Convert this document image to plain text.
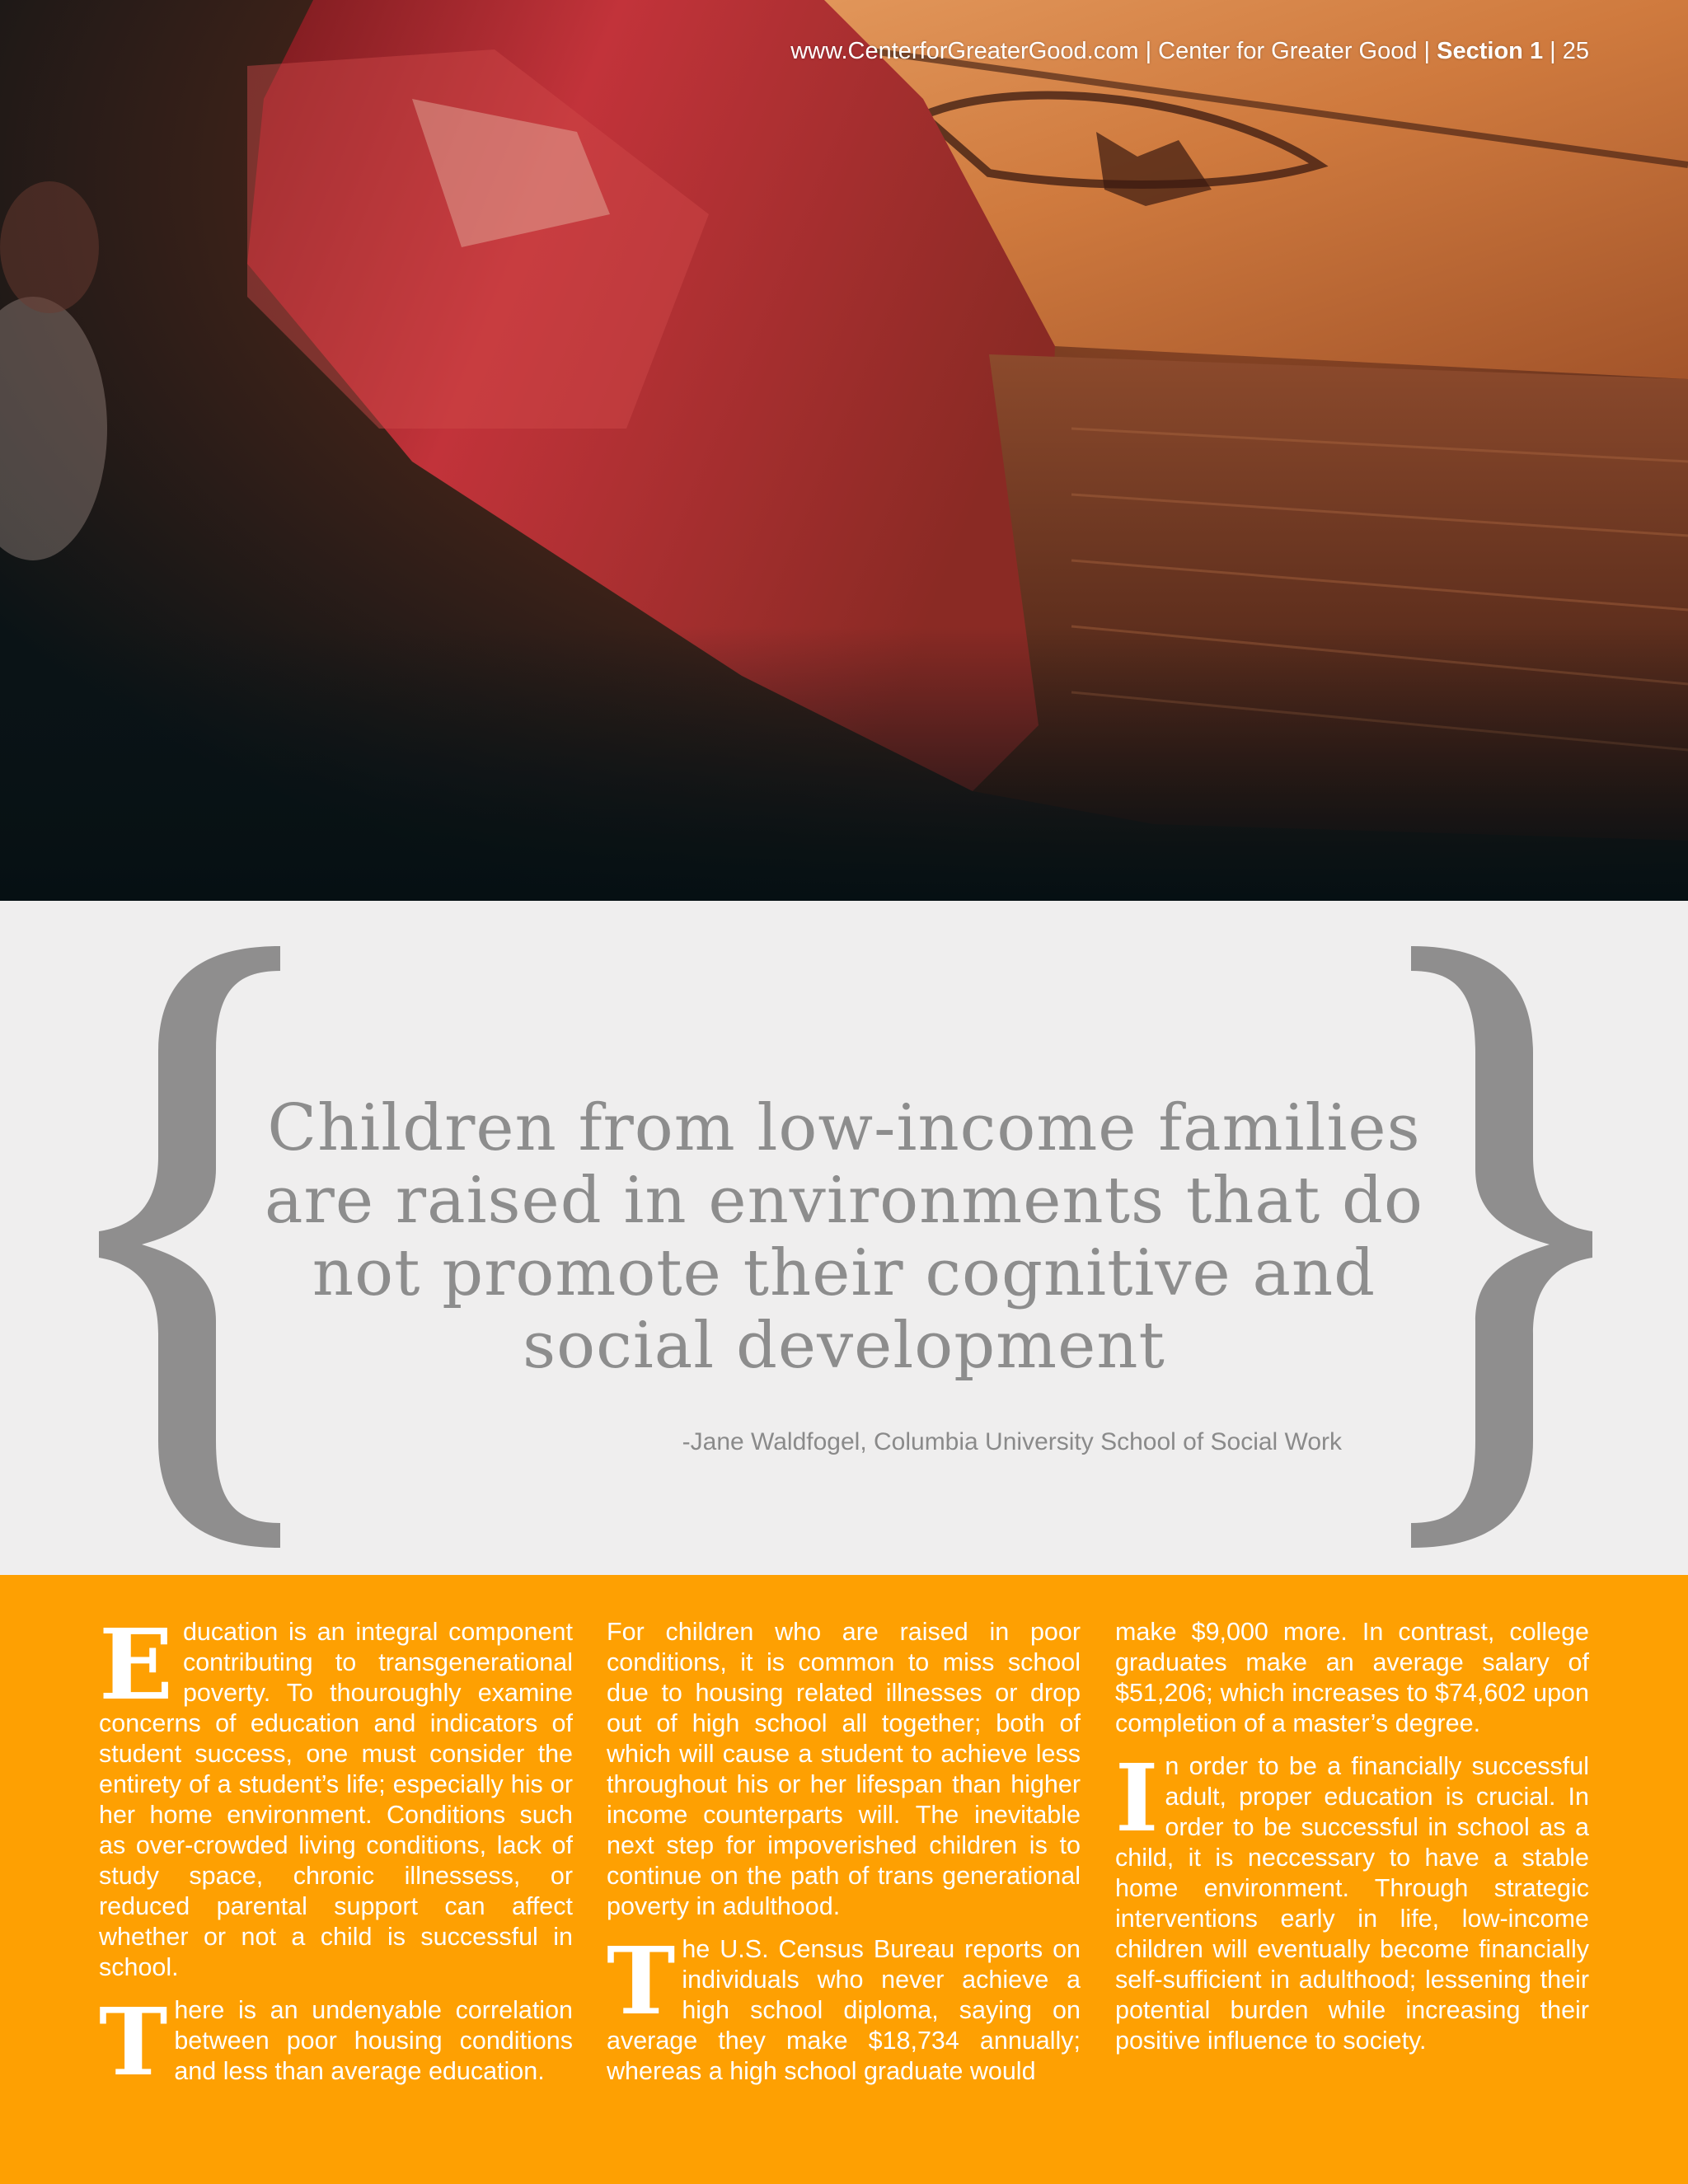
www.CenterforGreaterGood.com | Center for Greater Good | Section 1 | 25
Children from low-income families are raised in environments that do not promote their cognitive and social development
-Jane Waldfogel, Columbia University School of Social Work

Education is an integral component contributing to transgenerational poverty. To thouroughly examine concerns of education and indicators of student success, one must consider the entirety of a student’s life; especially his or her home environment. Conditions such as over-crowded living conditions, lack of study space, chronic illnessess, or reduced parental support can affect whether or not a child is successful in school.

There is an undenyable correlation between poor housing conditions and less than average education.

For children who are raised in poor conditions, it is common to miss school due to housing related illnesses or drop out of high school all together; both of which will cause a student to achieve less throughout his or her lifespan than higher income counterparts will. The inevitable next step for impoverished children is to continue on the path of trans generational poverty in adulthood.

The U.S. Census Bureau reports on individuals who never achieve a high school diploma, saying on average they make $18,734 annually; whereas a high school graduate would

make $9,000 more. In contrast, college graduates make an average salary of $51,206; which increases to $74,602 upon completion of a master’s degree.

In order to be a financially successful adult, proper education is crucial. In order to be successful in school as a child, it is neccessary to have a stable home environment. Through strategic interventions early in life, low-income children will eventually become financially self-sufficient in adulthood; lessening their potential burden while increasing their positive influence to society.
